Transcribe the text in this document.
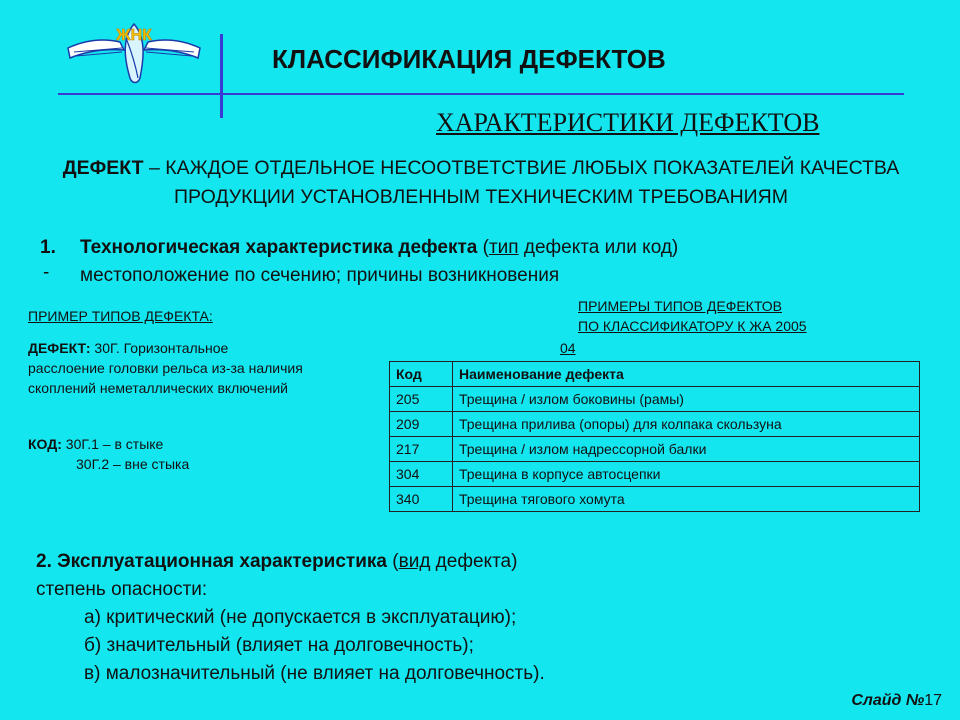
ЖНК
КЛАССИФИКАЦИЯ ДЕФЕКТОВ
ХАРАКТЕРИСТИКИ ДЕФЕКТОВ
ДЕФЕКТ – КАЖДОЕ ОТДЕЛЬНОЕ НЕСООТВЕТСТВИЕ ЛЮБЫХ ПОКАЗАТЕЛЕЙ КАЧЕСТВА ПРОДУКЦИИ УСТАНОВЛЕННЫМ ТЕХНИЧЕСКИМ ТРЕБОВАНИЯМ
1. Технологическая характеристика дефекта (тип дефекта или код)
- местоположение по сечению; причины возникновения
ПРИМЕР ТИПОВ ДЕФЕКТА:
ДЕФЕКТ: 30Г. Горизонтальное расслоение головки рельса из-за наличия скоплений неметаллических включений
КОД: 30Г.1 – в стыке
30Г.2 – вне стыка
ПРИМЕРЫ ТИПОВ ДЕФЕКТОВ
ПО КЛАССИФИКАТОРУ К ЖА 2005
04
Код	Наименование дефекта
205	Трещина / излом боковины (рамы)
209	Трещина прилива (опоры) для колпака скользуна
217	Трещина / излом надрессорной балки
304	Трещина в корпусе автосцепки
340	Трещина тягового хомута
2. Эксплуатационная характеристика (вид дефекта)
степень опасности:
а) критический (не допускается в эксплуатацию);
б) значительный (влияет на долговечность);
в) малозначительный (не влияет на долговечность).
Слайд №17
